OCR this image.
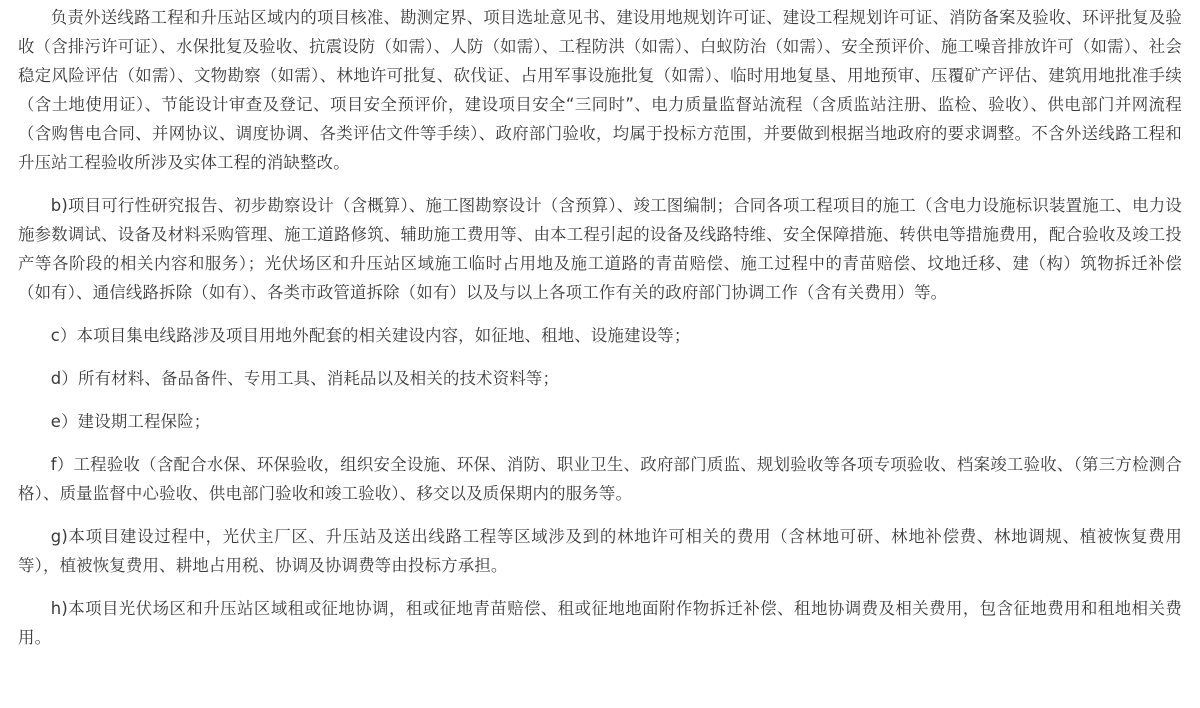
负责外送线路工程和升压站区域内的项目核准、勘测定界、项目选址意见书、建设用地规划许可证、建设工程规划许可证、消防备案及验收、环评批复及验收（含排污许可证）、水保批复及验收、抗震设防（如需）、人防（如需）、工程防洪（如需）、白蚁防治（如需）、安全预评价、施工噪音排放许可（如需）、社会稳定风险评估（如需）、文物勘察（如需）、林地许可批复、砍伐证、占用军事设施批复（如需）、临时用地复垦、用地预审、压覆矿产评估、建筑用地批准手续（含土地使用证）、节能设计审查及登记、项目安全预评价，建设项目安全“三同时”、电力质量监督站流程（含质监站注册、监检、验收）、供电部门并网流程（含购售电合同、并网协议、调度协调、各类评估文件等手续）、政府部门验收，均属于投标方范围，并要做到根据当地政府的要求调整。不含外送线路工程和升压站工程验收所涉及实体工程的消缺整改。

b)项目可行性研究报告、初步勘察设计（含概算）、施工图勘察设计（含预算）、竣工图编制；合同各项工程项目的施工（含电力设施标识装置施工、电力设施参数调试、设备及材料采购管理、施工道路修筑、辅助施工费用等、由本工程引起的设备及线路特维、安全保障措施、转供电等措施费用，配合验收及竣工投产等各阶段的相关内容和服务）；光伏场区和升压站区域施工临时占用地及施工道路的青苗赔偿、施工过程中的青苗赔偿、坟地迁移、建（构）筑物拆迁补偿（如有）、通信线路拆除（如有）、各类市政管道拆除（如有）以及与以上各项工作有关的政府部门协调工作（含有关费用）等。

c）本项目集电线路涉及项目用地外配套的相关建设内容，如征地、租地、设施建设等；

d）所有材料、备品备件、专用工具、消耗品以及相关的技术资料等；

e）建设期工程保险；

f）工程验收（含配合水保、环保验收，组织安全设施、环保、消防、职业卫生、政府部门质监、规划验收等各项专项验收、档案竣工验收、（第三方检测合格）、质量监督中心验收、供电部门验收和竣工验收）、移交以及质保期内的服务等。

g)本项目建设过程中，光伏主厂区、升压站及送出线路工程等区域涉及到的林地许可相关的费用（含林地可研、林地补偿费、林地调规、植被恢复费用等），植被恢复费用、耕地占用税、协调及协调费等由投标方承担。

h)本项目光伏场区和升压站区域租或征地协调，租或征地青苗赔偿、租或征地地面附作物拆迁补偿、租地协调费及相关费用，包含征地费用和租地相关费用。
